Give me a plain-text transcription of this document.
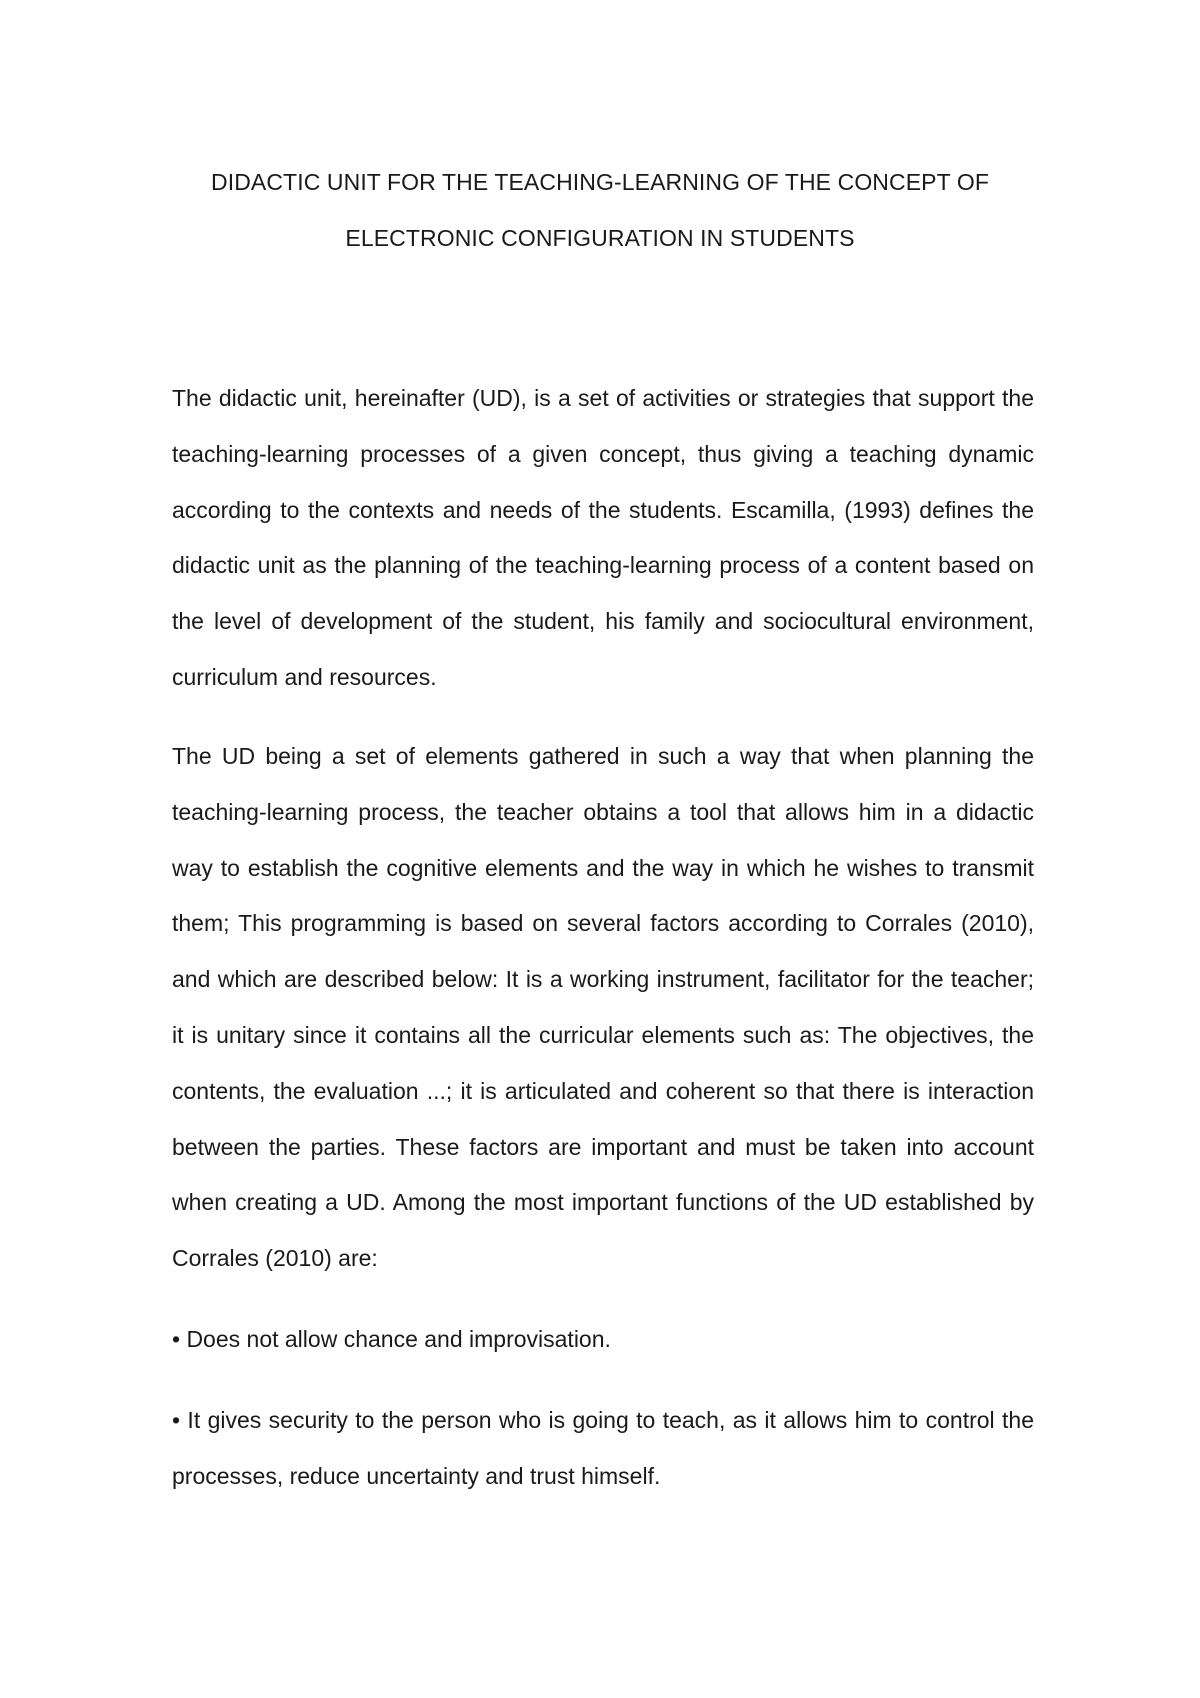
DIDACTIC UNIT FOR THE TEACHING-LEARNING OF THE CONCEPT OF
ELECTRONIC CONFIGURATION IN STUDENTS

The didactic unit, hereinafter (UD), is a set of activities or strategies that support the teaching-learning processes of a given concept, thus giving a teaching dynamic according to the contexts and needs of the students. Escamilla, (1993) defines the didactic unit as the planning of the teaching-learning process of a content based on the level of development of the student, his family and sociocultural environment, curriculum and resources.

The UD being a set of elements gathered in such a way that when planning the teaching-learning process, the teacher obtains a tool that allows him in a didactic way to establish the cognitive elements and the way in which he wishes to transmit them; This programming is based on several factors according to Corrales (2010), and which are described below: It is a working instrument, facilitator for the teacher; it is unitary since it contains all the curricular elements such as: The objectives, the contents, the evaluation ...; it is articulated and coherent so that there is interaction between the parties. These factors are important and must be taken into account when creating a UD. Among the most important functions of the UD established by Corrales (2010) are:

• Does not allow chance and improvisation.

• It gives security to the person who is going to teach, as it allows him to control the processes, reduce uncertainty and trust himself.
